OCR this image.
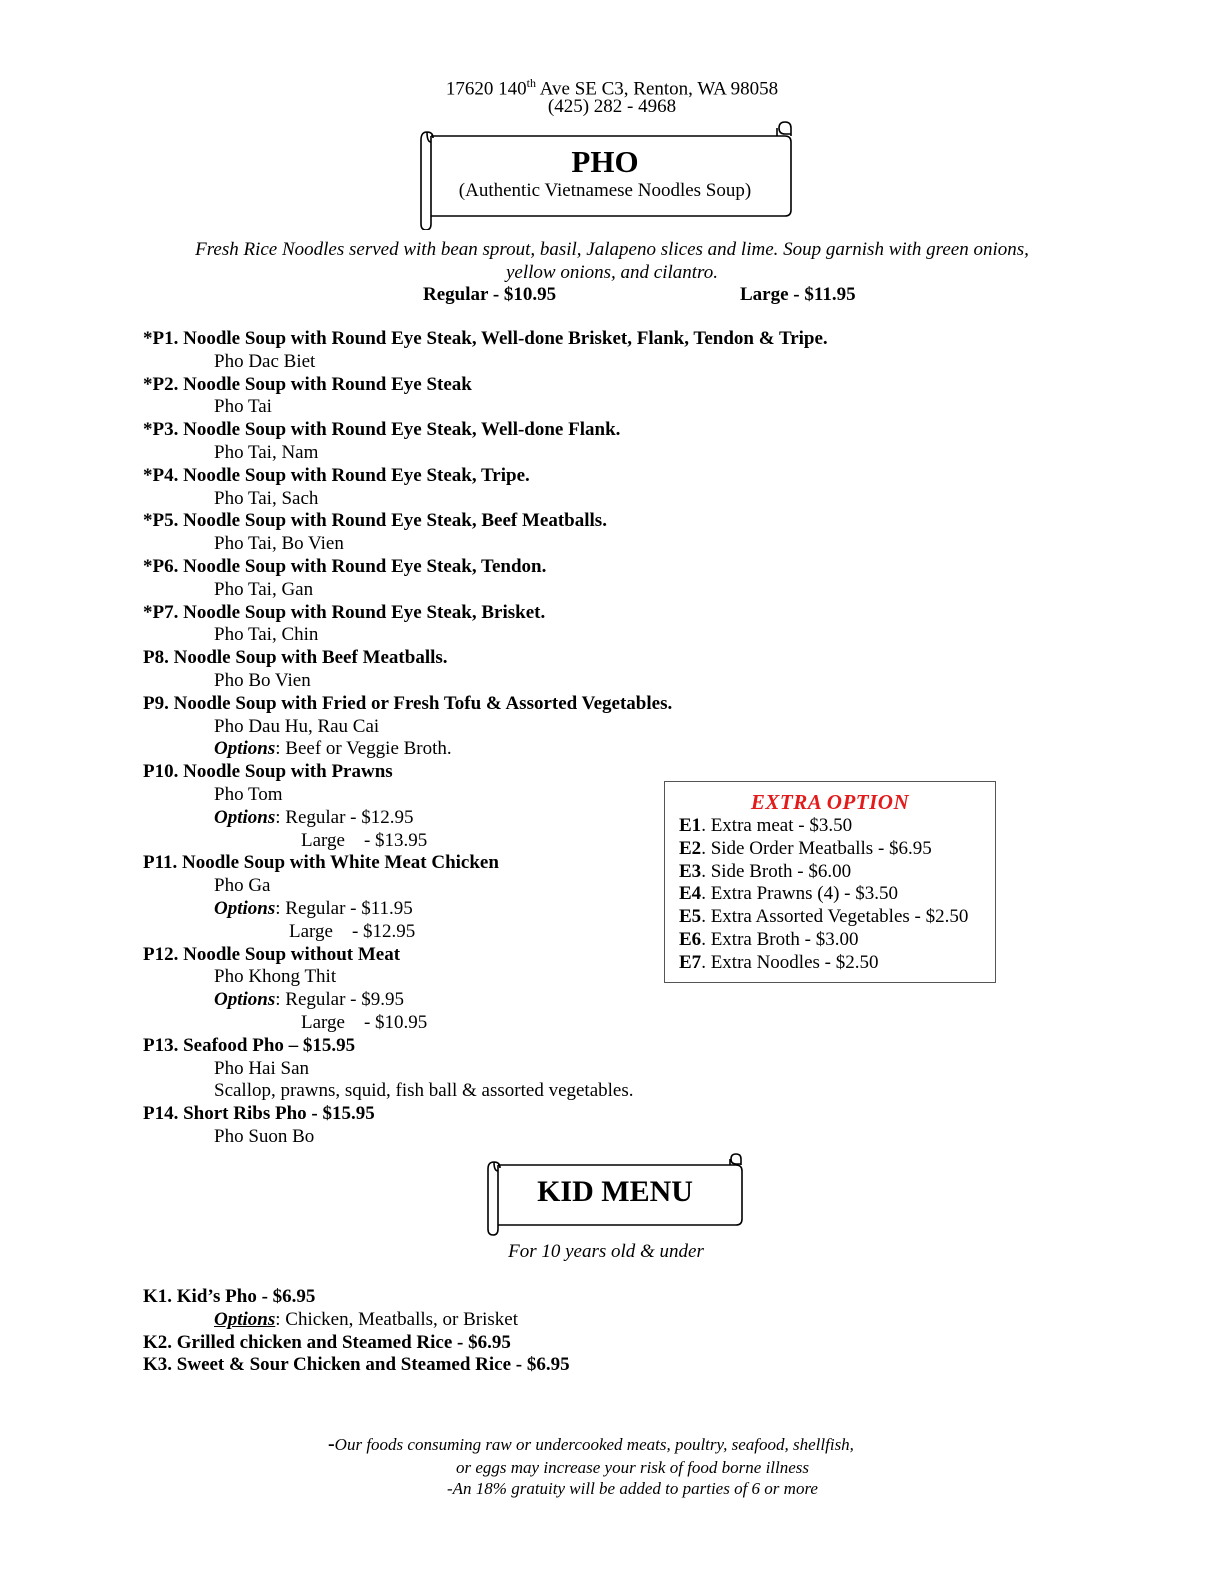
17620 140th Ave SE C3, Renton, WA 98058
(425) 282 - 4968
PHO
(Authentic Vietnamese Noodles Soup)
Fresh Rice Noodles served with bean sprout, basil, Jalapeno slices and lime. Soup garnish with green onions,
yellow onions, and cilantro.
Regular - $10.95	Large - $11.95
*P1. Noodle Soup with Round Eye Steak, Well-done Brisket, Flank, Tendon & Tripe.
Pho Dac Biet
*P2. Noodle Soup with Round Eye Steak
Pho Tai
*P3. Noodle Soup with Round Eye Steak, Well-done Flank.
Pho Tai, Nam
*P4. Noodle Soup with Round Eye Steak, Tripe.
Pho Tai, Sach
*P5. Noodle Soup with Round Eye Steak, Beef Meatballs.
Pho Tai, Bo Vien
*P6. Noodle Soup with Round Eye Steak, Tendon.
Pho Tai, Gan
*P7. Noodle Soup with Round Eye Steak, Brisket.
Pho Tai, Chin
P8. Noodle Soup with Beef Meatballs.
Pho Bo Vien
P9. Noodle Soup with Fried or Fresh Tofu & Assorted Vegetables.
Pho Dau Hu, Rau Cai
Options: Beef or Veggie Broth.
P10. Noodle Soup with Prawns
Pho Tom
Options: Regular - $12.95
Large    - $13.95
P11. Noodle Soup with White Meat Chicken
Pho Ga
Options: Regular - $11.95
Large    - $12.95
P12. Noodle Soup without Meat
Pho Khong Thit
Options: Regular - $9.95
Large    - $10.95
P13. Seafood Pho – $15.95
Pho Hai San
Scallop, prawns, squid, fish ball & assorted vegetables.
P14. Short Ribs Pho - $15.95
Pho Suon Bo
EXTRA OPTION
E1. Extra meat - $3.50
E2. Side Order Meatballs - $6.95
E3. Side Broth - $6.00
E4. Extra Prawns (4) - $3.50
E5. Extra Assorted Vegetables - $2.50
E6. Extra Broth - $3.00
E7. Extra Noodles - $2.50
KID MENU
For 10 years old & under
K1. Kid’s Pho - $6.95
Options: Chicken, Meatballs, or Brisket
K2. Grilled chicken and Steamed Rice - $6.95
K3. Sweet & Sour Chicken and Steamed Rice - $6.95
-Our foods consuming raw or undercooked meats, poultry, seafood, shellfish,
or eggs may increase your risk of food borne illness
-An 18% gratuity will be added to parties of 6 or more
